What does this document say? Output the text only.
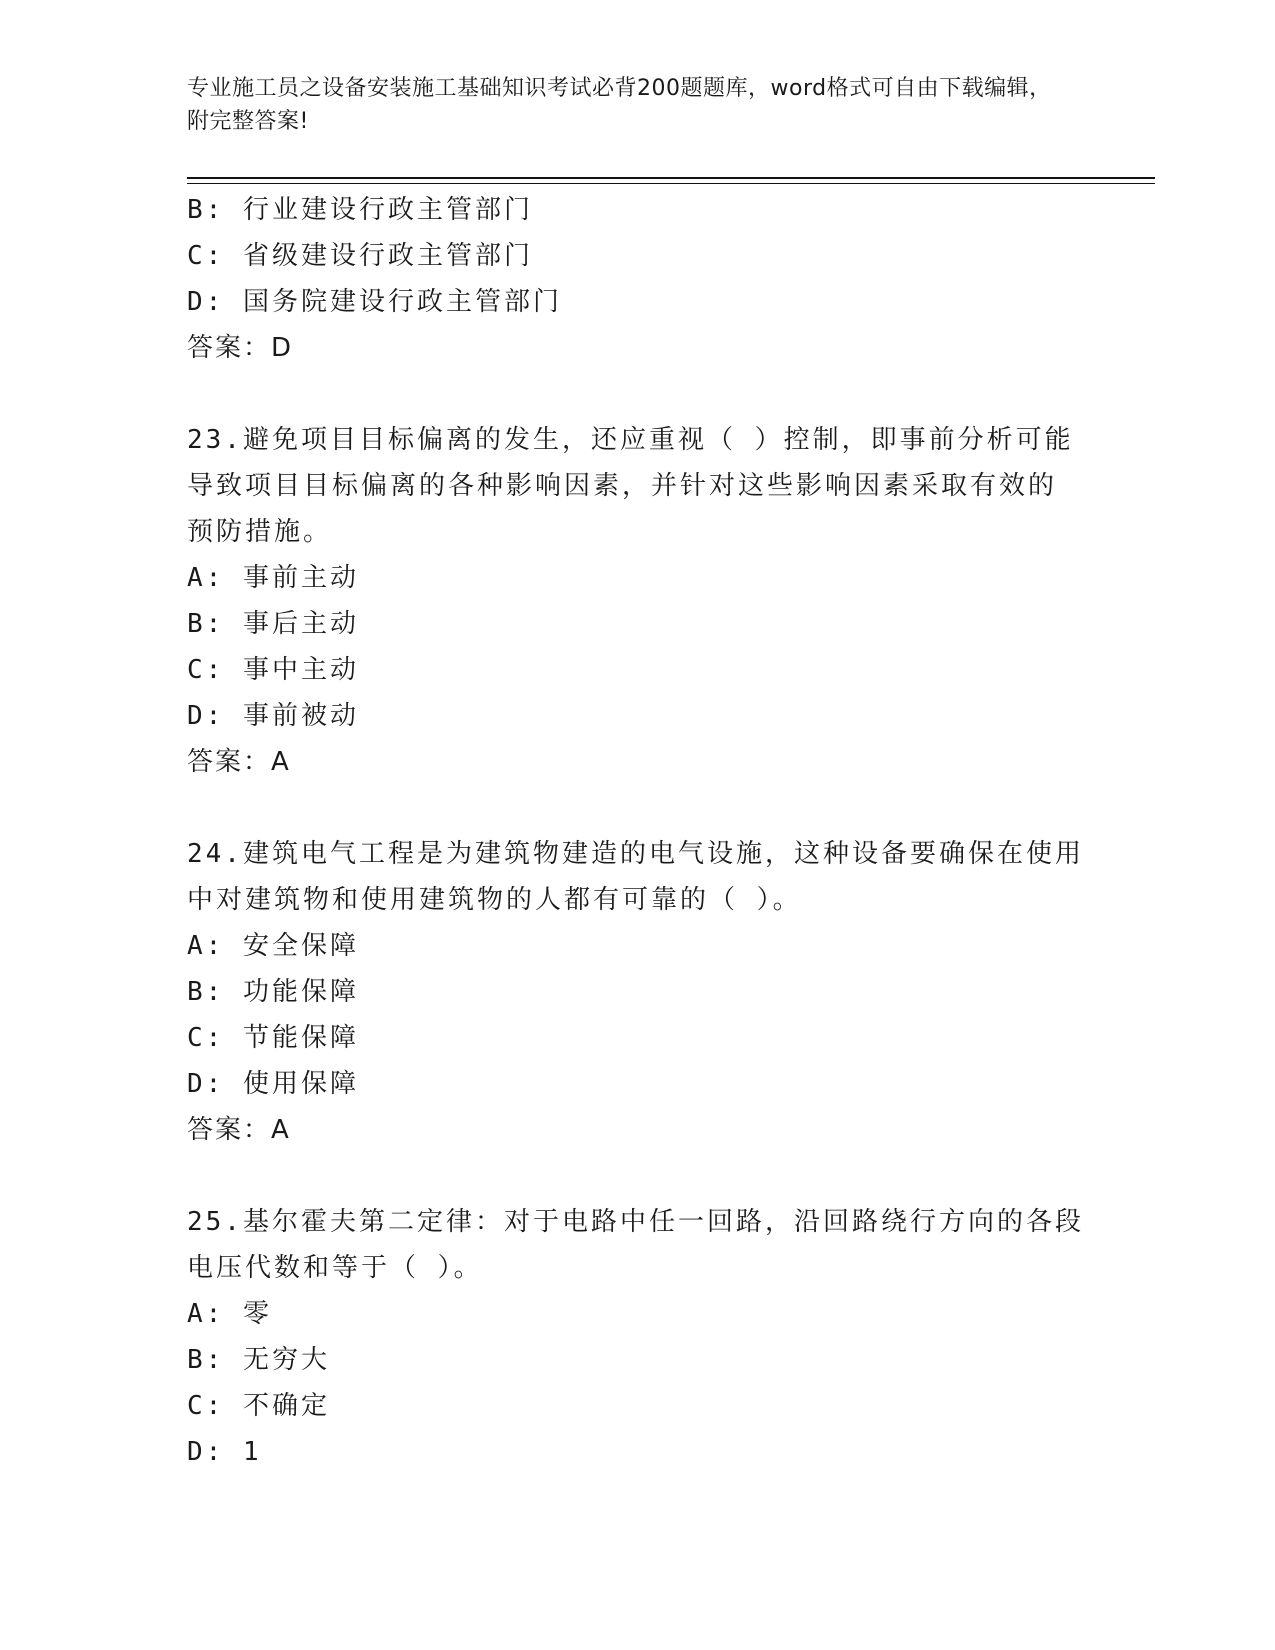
专业施工员之设备安装施工基础知识考试必背200题题库，word格式可自由下载编辑，附完整答案!
B: 行业建设行政主管部门
C: 省级建设行政主管部门
D: 国务院建设行政主管部门
答案：D
23.避免项目目标偏离的发生，还应重视（ ）控制，即事前分析可能
导致项目目标偏离的各种影响因素，并针对这些影响因素采取有效的
预防措施。
A: 事前主动
B: 事后主动
C: 事中主动
D: 事前被动
答案：A
24.建筑电气工程是为建筑物建造的电气设施，这种设备要确保在使用
中对建筑物和使用建筑物的人都有可靠的（ ）。
A: 安全保障
B: 功能保障
C: 节能保障
D: 使用保障
答案：A
25.基尔霍夫第二定律：对于电路中任一回路，沿回路绕行方向的各段
电压代数和等于（ ）。
A: 零
B: 无穷大
C: 不确定
D: 1
